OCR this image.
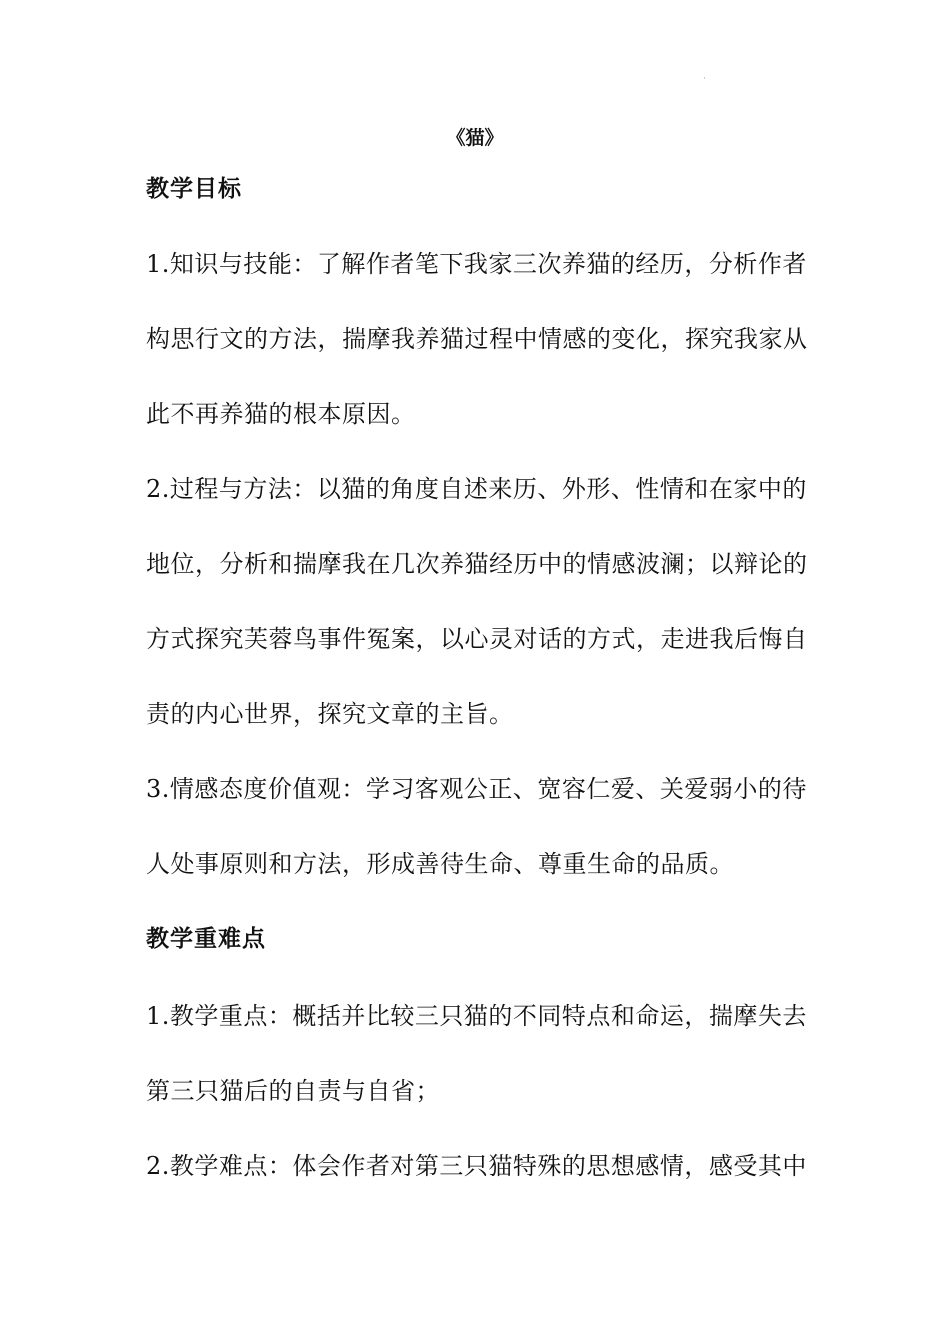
·
《猫》
教学目标
1.知识与技能：了解作者笔下我家三次养猫的经历，分析作者
构思行文的方法，揣摩我养猫过程中情感的变化，探究我家从
此不再养猫的根本原因。
2.过程与方法：以猫的角度自述来历、外形、性情和在家中的
地位，分析和揣摩我在几次养猫经历中的情感波澜；以辩论的
方式探究芙蓉鸟事件冤案，以心灵对话的方式，走进我后悔自
责的内心世界，探究文章的主旨。
3.情感态度价值观：学习客观公正、宽容仁爱、关爱弱小的待
人处事原则和方法，形成善待生命、尊重生命的品质。
教学重难点
1.教学重点：概括并比较三只猫的不同特点和命运，揣摩失去
第三只猫后的自责与自省；
2.教学难点：体会作者对第三只猫特殊的思想感情，感受其中
